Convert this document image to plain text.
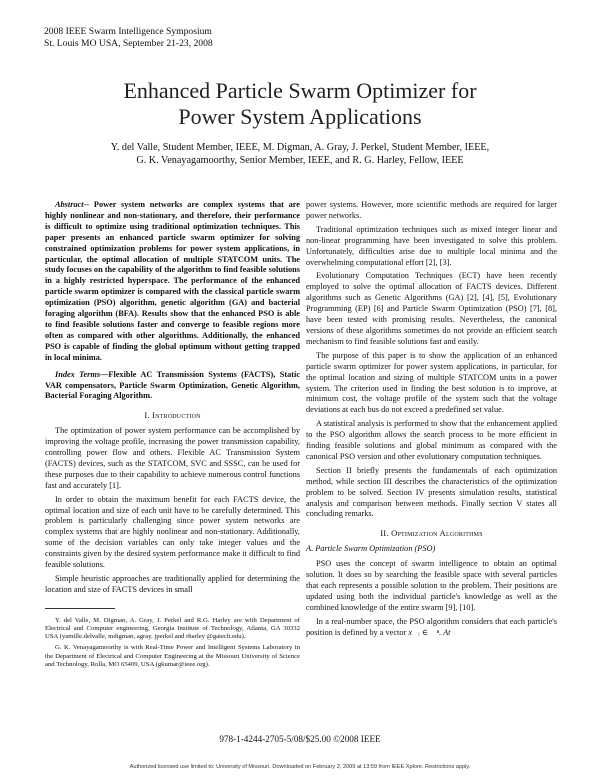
2008 IEEE Swarm Intelligence Symposium
St. Louis MO USA, September 21-23, 2008
Enhanced Particle Swarm Optimizer for
Power System Applications
Y. del Valle, Student Member, IEEE, M. Digman, A. Gray, J. Perkel, Student Member, IEEE,
G. K. Venayagamoorthy, Senior Member, IEEE, and R. G. Harley, Fellow, IEEE

Abstract-- Power system networks are complex systems that are highly nonlinear and non-stationary, and therefore, their performance is difficult to optimize using traditional optimization techniques. This paper presents an enhanced particle swarm optimizer for solving constrained optimization problems for power system applications, in particular, the optimal allocation of multiple STATCOM units. The study focuses on the capability of the algorithm to find feasible solutions in a highly restricted hyperspace. The performance of the enhanced particle swarm optimizer is compared with the classical particle swarm optimization (PSO) algorithm, genetic algorithm (GA) and bacterial foraging algorithm (BFA). Results show that the enhanced PSO is able to find feasible solutions faster and converge to feasible regions more often as compared with other algorithms. Additionally, the enhanced PSO is capable of finding the global optimum without getting trapped in local minima.

Index Terms—Flexible AC Transmission Systems (FACTS), Static VAR compensators, Particle Swarm Optimization, Genetic Algorithm, Bacterial Foraging Algorithm.

I. Introduction

The optimization of power system performance can be accomplished by improving the voltage profile, increasing the power transmission capability, controlling power flow and others. Flexible AC Transmission System (FACTS) devices, such as the STATCOM, SVC and SSSC, can be used for these purposes due to their capability to achieve numerous control functions fast and accurately [1].

In order to obtain the maximum benefit for each FACTS device, the optimal location and size of each unit have to be carefully determined. This problem is particularly challenging since power system networks are complex systems that are highly nonlinear and non-stationary. Additionally, some of the decision variables can only take integer values and the constraints given by the desired system performance make it difficult to find feasible solutions.

Simple heuristic approaches are traditionally applied for determining the location and size of FACTS devices in small

Y. del Valle, M. Digman, A. Gray, J. Perkel and R.G. Harley are with Department of Electrical and Computer engineering, Georgia Institute of Technology, Atlanta, GA 30332 USA (yamille.delvalle, mdigman, agray, jperkel and rharley @gatech.edu).

G. K. Venayagamoorthy is with Real-Time Power and Intelligent Systems Laboratory in the Department of Electrical and Computer Engineering at the Missouri University of Science and Technology, Rolla, MO 65409, USA (gkumar@ieee.org).

power systems. However, more scientific methods are required for larger power networks.

Traditional optimization techniques such as mixed integer linear and non-linear programming have been investigated to solve this problem. Unfortunately, difficulties arise due to multiple local minima and the overwhelming computational effort [2], [3].

Evolutionary Computation Techniques (ECT) have been recently employed to solve the optimal allocation of FACTS devices. Different algorithms such as Genetic Algorithms (GA) [2], [4], [5], Evolutionary Programming (EP) [6] and Particle Swarm Optimization (PSO) [7], [8], have been tested with promising results. Nevertheless, the canonical versions of these algorithms sometimes do not provide an efficient search mechanism to find feasible solutions fast and easily.

The purpose of this paper is to show the application of an enhanced particle swarm optimizer for power system applications, in particular, for the optimal location and sizing of multiple STATCOM units in a power system. The criterion used in finding the best solution is to improve, at minimum cost, the voltage profile of the system such that the voltage deviations at each bus do not exceed a predefined set value.

A statistical analysis is performed to show that the enhancement applied to the PSO algorithm allows the search process to be more efficient in finding feasible solutions and global minimum as compared with the canonical PSO version and other evolutionary computation techniques.

Section II briefly presents the fundamentals of each optimization method, while section III describes the characteristics of the optimization problem to be solved. Section IV presents simulation results, statistical analysis and comparison between methods. Finally section V states all concluding remarks.

II. Optimization Algorithms
A. Particle Swarm Optimization (PSO)

PSO uses the concept of swarm intelligence to obtain an optimal solution. It does so by searching the feasible space with several particles that each represents a possible solution to the problem. Their positions are updated using both the individual particle's knowledge as well as the combined knowledge of the entire swarm [9], [10].

In a real-number space, the PSO algorithm considers that each particle's position is defined by a vector x⃗ᵢ ∈ ℜⁿ. At

978-1-4244-2705-5/08/$25.00 ©2008 IEEE
Authorized licensed use limited to: University of Missouri. Downloaded on February 2, 2009 at 13:59 from IEEE Xplore. Restrictions apply.
